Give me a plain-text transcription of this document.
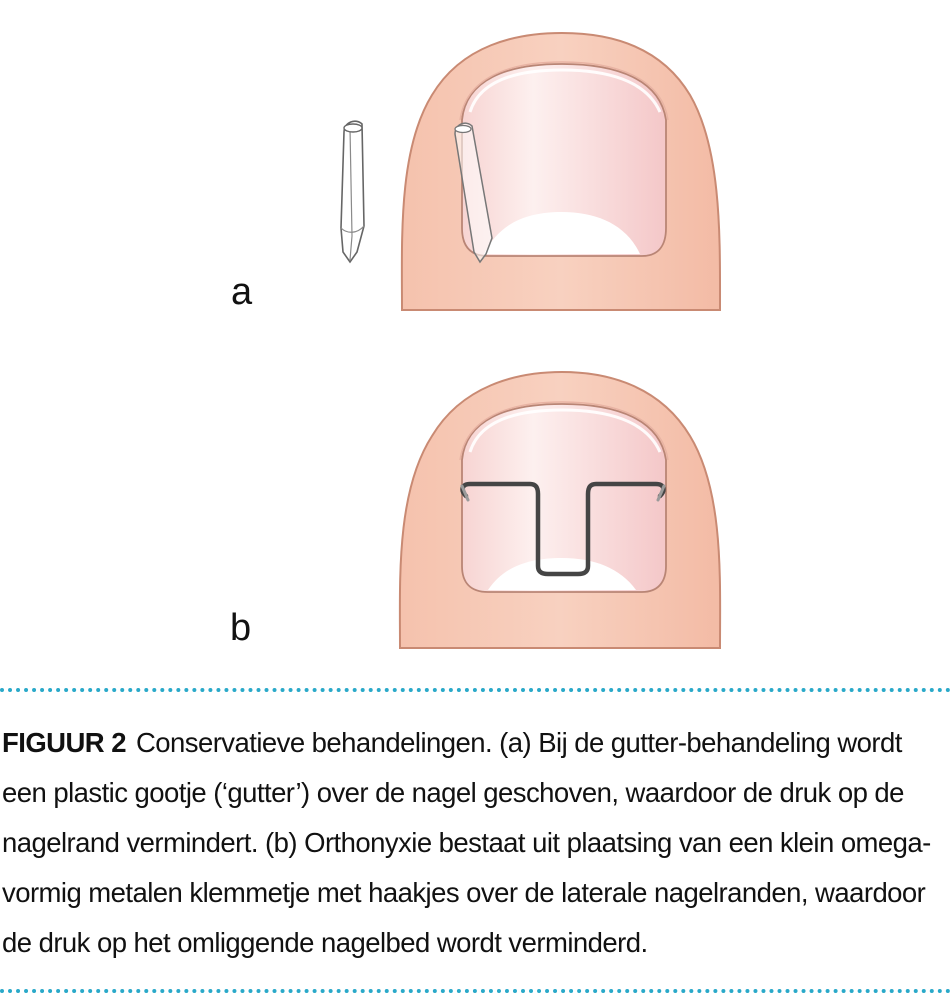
a
b
FIGUUR 2 Conservatieve behandelingen. (a) Bij de gutter-behandeling wordt een plastic gootje (‘gutter’) over de nagel geschoven, waardoor de druk op de nagelrand vermindert. (b) Orthonyxie bestaat uit plaatsing van een klein omega-vormig metalen klemmetje met haakjes over de laterale nagelranden, waardoor de druk op het omliggende nagelbed wordt verminderd.
